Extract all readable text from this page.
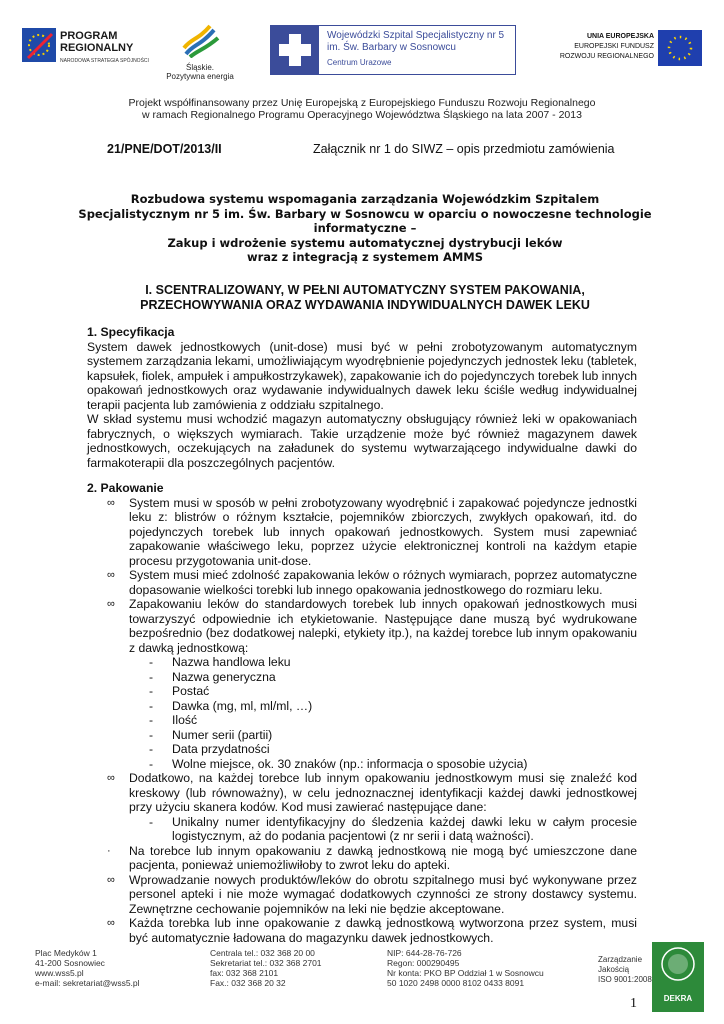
PROGRAM
REGIONALNY
NARODOWA STRATEGIA SPÓJNOŚCI
Śląskie.
Pozytywna energia
Wojewódzki Szpital Specjalistyczny nr 5
im. Św. Barbary w Sosnowcu
Centrum Urazowe
UNIA EUROPEJSKA
EUROPEJSKI FUNDUSZ
ROZWOJU REGIONALNEGO
Projekt współfinansowany przez Unię Europejską z Europejskiego Funduszu Rozwoju Regionalnego
w ramach Regionalnego Programu Operacyjnego Województwa Śląskiego na lata 2007 - 2013
21/PNE/DOT/2013/II	Załącznik nr 1 do SIWZ – opis przedmiotu zamówienia
Rozbudowa systemu wspomagania zarządzania Wojewódzkim Szpitalem
Specjalistycznym nr 5 im. Św. Barbary w Sosnowcu w oparciu o nowoczesne technologie
informatyczne –
Zakup i wdrożenie systemu automatycznej dystrybucji leków
wraz z integracją z systemem AMMS
I. SCENTRALIZOWANY, W PEŁNI AUTOMATYCZNY SYSTEM PAKOWANIA,
PRZECHOWYWANIA ORAZ WYDAWANIA INDYWIDUALNYCH DAWEK LEKU

1. Specyfikacja

System dawek jednostkowych (unit-dose) musi być w pełni zrobotyzowanym automatycznym systemem zarządzania lekami, umożliwiającym wyodrębnienie pojedynczych jednostek leku (tabletek, kapsułek, fiolek, ampułek i ampułkostrzykawek), zapakowanie ich do pojedynczych torebek lub innych opakowań jednostkowych oraz wydawanie indywidualnych dawek leku ściśle według indywidualnej terapii pacjenta lub zamówienia z oddziału szpitalnego.

W skład systemu musi wchodzić magazyn automatyczny obsługujący również leki w opakowaniach fabrycznych, o większych wymiarach. Takie urządzenie może być również magazynem dawek jednostkowych, oczekujących na załadunek do systemu wytwarzającego indywidualne dawki do farmakoterapii dla poszczególnych pacjentów.

2. Pakowanie

∞ System musi w sposób w pełni zrobotyzowany wyodrębnić i zapakować pojedyncze jednostki leku z: blistrów o różnym kształcie, pojemników zbiorczych, zwykłych opakowań, itd. do pojedynczych torebek lub innych opakowań jednostkowych. System musi zapewniać zapakowanie właściwego leku, poprzez użycie elektronicznej kontroli na każdym etapie procesu przygotowania unit-dose.

∞ System musi mieć zdolność zapakowania leków o różnych wymiarach, poprzez automatyczne dopasowanie wielkości torebki lub innego opakowania jednostkowego do rozmiaru leku.

∞ Zapakowaniu leków do standardowych torebek lub innych opakowań jednostkowych musi towarzyszyć odpowiednie ich etykietowanie. Następujące dane muszą być wydrukowane bezpośrednio (bez dodatkowej nalepki, etykiety itp.), na każdej torebce lub innym opakowaniu z dawką jednostkową:

- Nazwa handlowa leku

- Nazwa generyczna

- Postać

- Dawka (mg, ml, ml/ml, …)

- Ilość

- Numer serii (partii)

- Data przydatności

- Wolne miejsce, ok. 30 znaków (np.: informacja o sposobie użycia)

∞ Dodatkowo, na każdej torebce lub innym opakowaniu jednostkowym musi się znaleźć kod kreskowy (lub równoważny), w celu jednoznacznej identyfikacji każdej dawki jednostkowej przy użyciu skanera kodów. Kod musi zawierać następujące dane:

- Unikalny numer identyfikacyjny do śledzenia każdej dawki leku w całym procesie logistycznym, aż do podania pacjentowi (z nr serii i datą ważności).

· Na torebce lub innym opakowaniu z dawką jednostkową nie mogą być umieszczone dane pacjenta, ponieważ uniemożliwiłoby to zwrot leku do apteki.

∞ Wprowadzanie nowych produktów/leków do obrotu szpitalnego musi być wykonywane przez personel apteki i nie może wymagać dodatkowych czynności ze strony dostawcy systemu. Zewnętrzne cechowanie pojemników na leki nie będzie akceptowane.

∞ Każda torebka lub inne opakowanie z dawką jednostkową wytworzona przez system, musi być automatycznie ładowana do magazynku dawek jednostkowych.

Plac Medyków 1
41-200 Sosnowiec
www.wss5.pl
e-mail: sekretariat@wss5.pl
Centrala tel.: 032 368 20 00
Sekretariat tel.: 032 368 2701
fax: 032 368 2101
Fax.: 032 368 20 32
NIP: 644-28-76-726
Regon: 000290495
Nr konta: PKO BP Oddział 1 w Sosnowcu
50 1020 2498 0000 8102 0433 8091
Zarządzanie
Jakością
ISO 9001:2008
DEKRA
1
